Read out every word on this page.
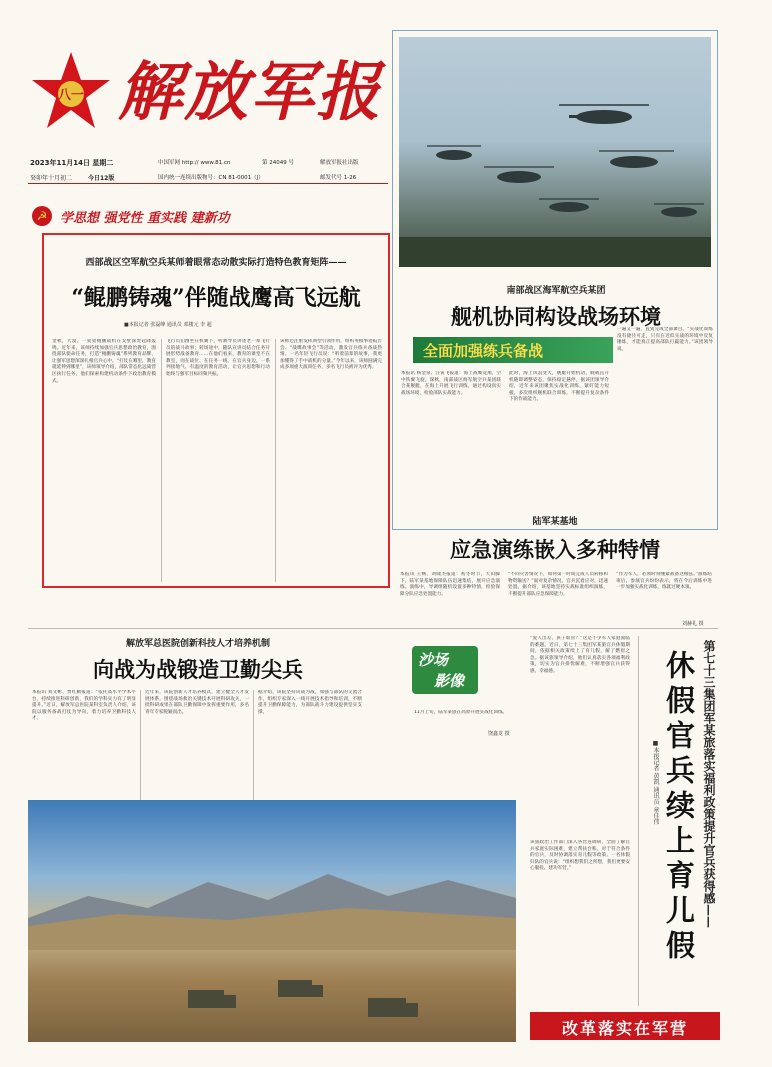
八一 解放军报
2023年11月14日 星期二
癸卯年十月初二	今日12版
中国军网 http:// www.81.cn	第 24049 号	解放军报社出版
国内统一连续出版物号：CN 81-0001（J）	邮发代号 1-26
☭ 学思想 强党性 重实践 建新功
西部战区空军航空兵某师着眼常态动散实际打造特色教育矩阵——
“鲲鹏铸魂”伴随战鹰高飞远航
■本报记者 张磊峰 通讯员 邓楼元 李 超
金秋，大漠。一架架鲲鹏战机在戈壁深处起降轰鸣。近年来，该师持续加强官兵思想政治教育，围绕部队使命任务，打造“鲲鹏铸魂”系列教育品牌，让强军思想深深扎根官兵心中。“打仗在哪里，教育就延伸到哪里”，该师领导介绍，部队常态化远离营区执行任务，他们探索构建机动条件下政治教育模式。
飞行员们围坐在机翼下，听教导员讲述老一辈飞行员的战斗故事；转场途中，随队宣讲员结合任务开展形势战备教育……在他们看来，教育的课堂不在教室，而在战位、在任务一线、在官兵身边。一系列接地气、有温度的教育活动，让官兵思想和行动始终与强军目标同频共振。
该师还注重发挥典型引领作用，组织英模事迹报告会、“战鹰故事会”等活动，激发官兵练兵备战热情。一名年轻飞行员说：“听着前辈的故事，我更加懂得了手中战机的分量。”今年以来，该师圆满完成多项重大演训任务，多名飞行员被评为优秀。
南部战区海军航空兵某团
舰机协同构设战场环境
全面加强练兵备战
本报讯 杨金泉、汪寅飞报道：海上战鹰竞翔，空中铁翼飞旋。深秋，南部战区海军航空兵某团联合某舰艇，在海上开展飞行训练，通过构设真实战场环境，检验部队实战能力。
此时，海上风浪变大，舰艇开始机动，舰载直升机随即调整姿态，保持稳定悬停。据该团领导介绍，近年来该团聚焦实战化训练，紧盯能力短板，多次组织舰机联合训练，不断提升复杂条件下的作战能力。
一遍又一遍，直到完成全部课目。“实战化训练没有捷径可走，只有在近似实战的环境中反复锤炼，才能真正提高部队打赢能力。”该团领导说。
陆军某基地
应急演练嵌入多种特情
本报讯 王畅、刘啸杰报道：初冬时节，天山脚下，陆军某基地保障队伍迅速集结，展开应急演练。演练中，导调组随机设置多种特情，检验保障分队应急处置能力。
“不同灾害情况下，如何第一时间完成人员转移和物资输送？”面对复杂情况，官兵沉着应对，迅速处置。据介绍，该基地坚持实战标准组织演练，不断提升部队应急保障能力。
“作为军人，必须时刻绷紧战备这根弦。”演练结束后，参演官兵纷纷表示，将在今后训练中进一步加强实战化训练，练就过硬本领。
刘赫礼 摄
解放军总医院创新科技人才培养机制
向战为战锻造卫勤尖兵
本报讯 刘文彬、贾红勤报道：“依托高水平学术平台，持续推进科研创新，我们的学科实力有了明显提升。”近日，解放军总医院某科室负责人介绍，该院以服务备战打仗为导向，着力培养卫勤科技人才。
近年来，该院创新人才培养模式，建立健全人才发展体系，围绕战场救治关键技术开展科研攻关，一批科研成果在部队卫勤保障中发挥重要作用，多名青年专家脱颖而出。
据介绍，该院坚持向战为战，加强与部队的交流合作，组织专家深入一线开展技术指导和培训，不断提升卫勤保障能力，为部队战斗力建设提供坚实支撑。
沙场
影像
11月上旬，陆军某旅在高原开展实战化训练。
饶鑫龙 摄
“爱人出差，孩子谁管？”这是不少军人家庭面临的难题。近日，第七十三集团军某旅官兵休假期间，依据相关政策续上了育儿假，解了燃眉之急。据该旅领导介绍，他们认真落实各项福利政策，切实为官兵排忧解难，不断增强官兵获得感、幸福感。
该旅政治工作部门深入各营连调研，全面了解官兵家庭实际困难，建立帮扶台账。对于符合条件的官兵，及时协调落实育儿假等政策。一名休假归队的官兵说：“组织想我们之所想，我们更要安心服役、建功军营。”	第七十三集团军某旅落实福利政策提升官兵获得感——
休假官兵续上育儿假
■本报记者 黄凯 通讯员 章佳伟
改革落实在军营
